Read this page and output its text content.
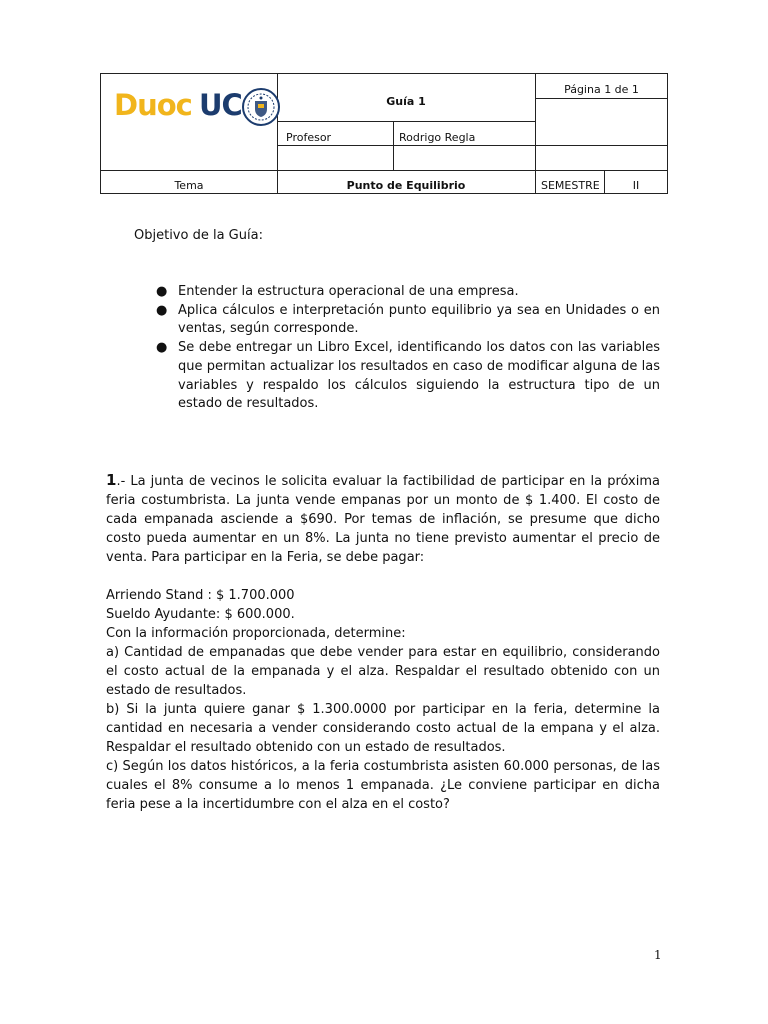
Duoc UC	Guía 1
Página 1 de 1
Profesor	Rodrigo Regla
Tema	Punto de Equilibrio	SEMESTRE	II
Objetivo de la Guía:
● Entender la estructura operacional de una empresa.
● Aplica cálculos e interpretación punto equilibrio ya sea en Unidades o en ventas, según corresponde.
● Se debe entregar un Libro Excel, identificando los datos con las variables que permitan actualizar los resultados en caso de modificar alguna de las variables y respaldo los cálculos siguiendo la estructura tipo de un estado de resultados.

1.- La junta de vecinos le solicita evaluar la factibilidad de participar en la próxima feria costumbrista. La junta vende empanas por un monto de $ 1.400. El costo de cada empanada asciende a $690. Por temas de inflación, se presume que dicho costo pueda aumentar en un 8%. La junta no tiene previsto aumentar el precio de venta. Para participar en la Feria, se debe pagar:

Arriendo Stand : $ 1.700.000

Sueldo Ayudante: $ 600.000.

Con la información proporcionada, determine:

a) Cantidad de empanadas que debe vender para estar en equilibrio, considerando el costo actual de la empanada y el alza. Respaldar el resultado obtenido con un estado de resultados.

b) Si la junta quiere ganar $ 1.300.0000 por participar en la feria, determine la cantidad en necesaria a vender considerando costo actual de la empana y el alza. Respaldar el resultado obtenido con un estado de resultados.

c) Según los datos históricos, a la feria costumbrista asisten 60.000 personas, de las cuales el 8% consume a lo menos 1 empanada. ¿Le conviene participar en dicha feria pese a la incertidumbre con el alza en el costo?

1
